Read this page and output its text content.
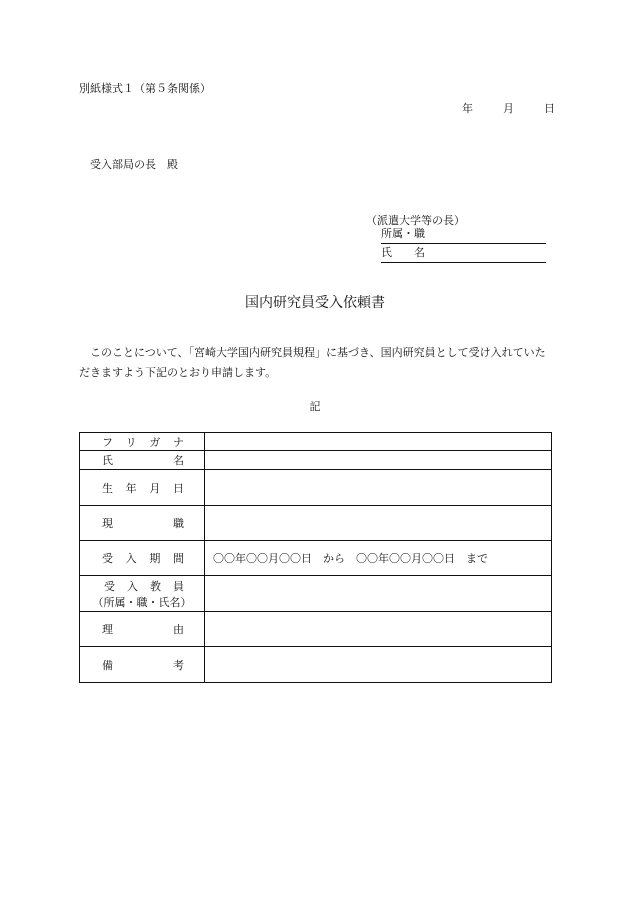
別紙様式１（第５条関係）
年	月	日
受入部局の長　殿
（派遣大学等の長）
所属・職
氏　　名
国内研究員受入依頼書
このことについて、「宮崎大学国内研究員規程」に基づき、国内研究員として受け入れていただきますよう下記のとおり申請します。
記
フ リ ガ ナ	

氏 名	

生 年 月 日	

現 職	

受 入 期 間	〇〇年〇〇月〇〇日　から　〇〇年〇〇月〇〇日　まで

受 入 教 員
（所属・職・氏名）	

理 由	

備 考	
